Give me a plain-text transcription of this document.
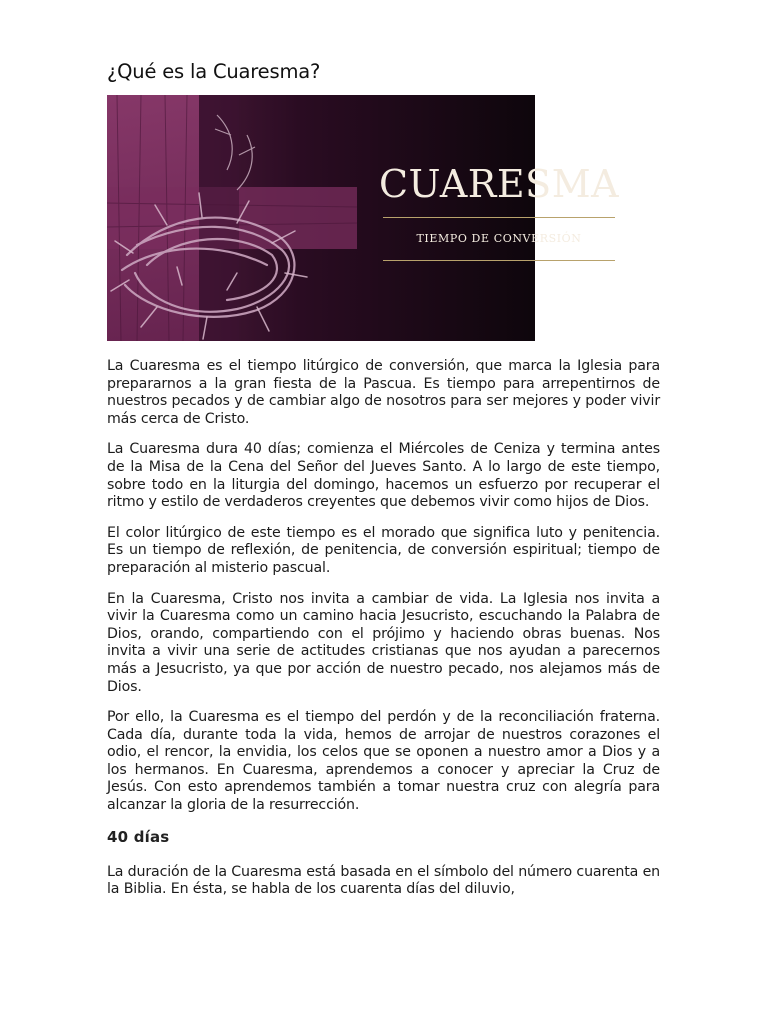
¿Qué es la Cuaresma?
CUARESMA
TIEMPO DE CONVERSIÓN

La Cuaresma es el tiempo litúrgico de conversión, que marca la Iglesia para prepararnos a la gran fiesta de la Pascua. Es tiempo para arrepentirnos de nuestros pecados y de cambiar algo de nosotros para ser mejores y poder vivir más cerca de Cristo.

La Cuaresma dura 40 días; comienza el Miércoles de Ceniza y termina antes de la Misa de la Cena del Señor del Jueves Santo. A lo largo de este tiempo, sobre todo en la liturgia del domingo, hacemos un esfuerzo por recuperar el ritmo y estilo de verdaderos creyentes que debemos vivir como hijos de Dios.

El color litúrgico de este tiempo es el morado que significa luto y penitencia. Es un tiempo de reflexión, de penitencia, de conversión espiritual; tiempo de preparación al misterio pascual.

En la Cuaresma, Cristo nos invita a cambiar de vida. La Iglesia nos invita a vivir la Cuaresma como un camino hacia Jesucristo, escuchando la Palabra de Dios, orando, compartiendo con el prójimo y haciendo obras buenas. Nos invita a vivir una serie de actitudes cristianas que nos ayudan a parecernos más a Jesucristo, ya que por acción de nuestro pecado, nos alejamos más de Dios.

Por ello, la Cuaresma es el tiempo del perdón y de la reconciliación fraterna. Cada día, durante toda la vida, hemos de arrojar de nuestros corazones el odio, el rencor, la envidia, los celos que se oponen a nuestro amor a Dios y a los hermanos. En Cuaresma, aprendemos a conocer y apreciar la Cruz de Jesús. Con esto aprendemos también a tomar nuestra cruz con alegría para alcanzar la gloria de la resurrección.

40 días

La duración de la Cuaresma está basada en el símbolo del número cuarenta en la Biblia. En ésta, se habla de los cuarenta días del diluvio,
